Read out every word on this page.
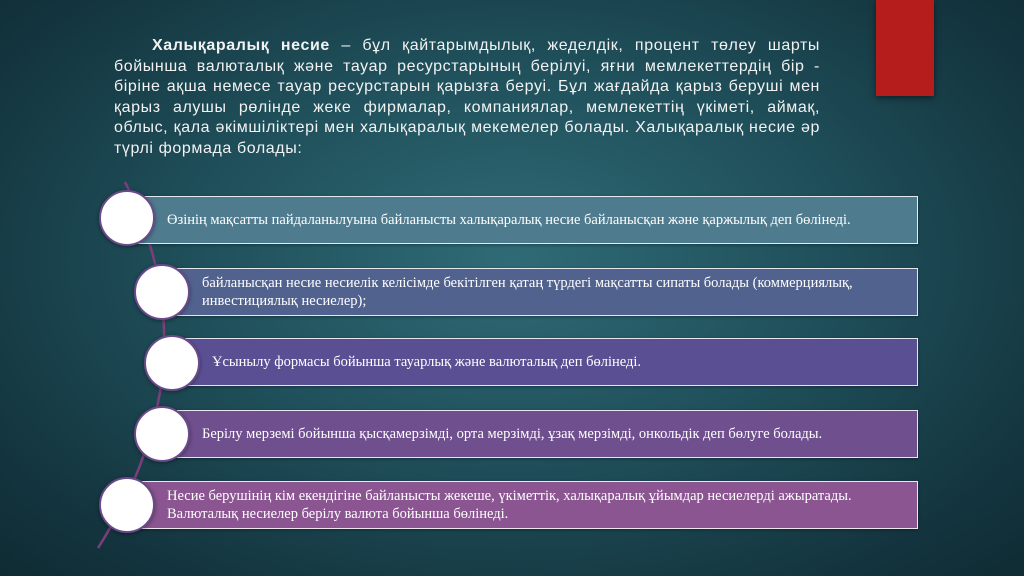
Халықаралық несие – бұл қайтарымдылық, жеделдік, процент төлеу шарты бойынша валюталық және тауар ресурстарының берілуі, яғни мемлекеттердің бір - біріне ақша немесе тауар ресурстарын қарызға беруі. Бұл жағдайда қарыз беруші мен қарыз алушы рөлінде жеке фирмалар, компаниялар, мемлекеттің үкіметі, аймақ, облыс, қала әкімшіліктері мен халықаралық мекемелер болады. Халықаралық несие әр түрлі формада болады:
Өзінің мақсатты пайдаланылуына байланысты халықаралық несие байланысқан және қаржылық деп бөлінеді.
байланысқан несие несиелік келісімде бекітілген қатаң түрдегі мақсатты сипаты болады (коммерциялық, инвестициялық несиелер);
Ұсынылу формасы бойынша тауарлық және валюталық деп бөлінеді.
Берілу мерземі бойынша қысқамерзімді, орта мерзімді, ұзақ мерзімді, онкольдік деп бөлуге болады.
Несие берушінің кім екендігіне байланысты жекеше, үкіметтік, халықаралық ұйымдар несиелерді ажыратады. Валюталық несиелер берілу валюта бойынша бөлінеді.
